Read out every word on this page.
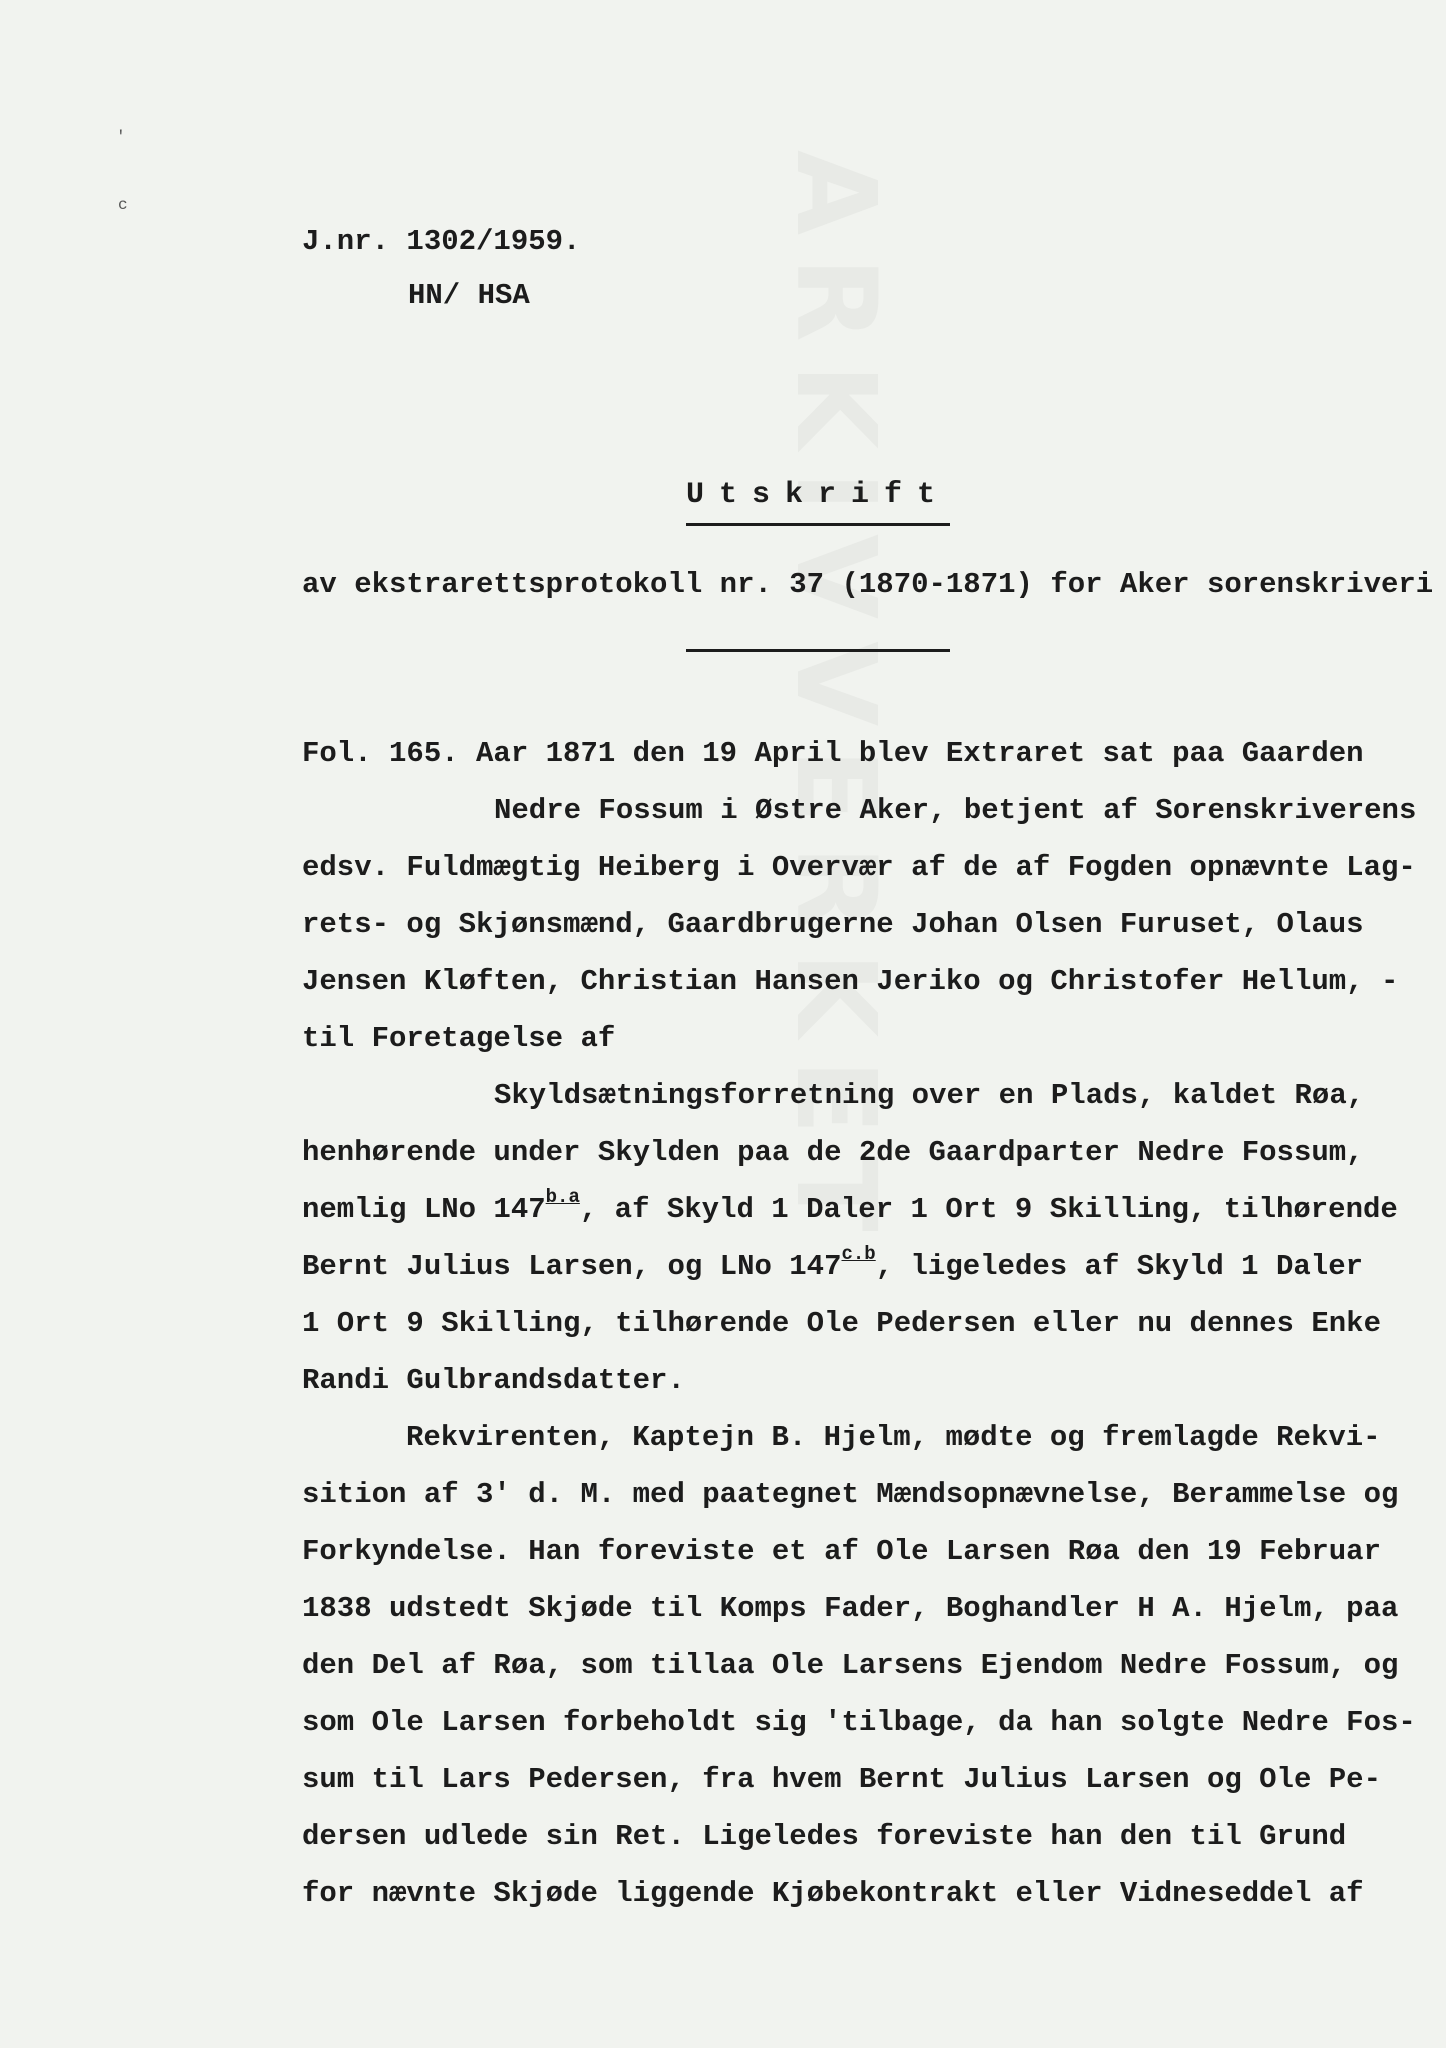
'
c
J.nr. 1302/1959.
HN/ HSA
Utskrift
av ekstrarettsprotokoll nr. 37 (1870-1871) for Aker sorenskriveri
Fol. 165. Aar 1871 den 19 April blev Extraret sat paa Gaarden
Nedre Fossum i Østre Aker, betjent af Sorenskriverens
edsv. Fuldmægtig Heiberg i Overvær af de af Fogden opnævnte Lag-
rets- og Skjønsmænd, Gaardbrugerne Johan Olsen Furuset, Olaus
Jensen Kløften, Christian Hansen Jeriko og Christofer Hellum, -
til Foretagelse af
Skyldsætningsforretning over en Plads, kaldet Røa,
henhørende under Skylden paa de 2de Gaardparter Nedre Fossum,
nemlig LNo $147^{b.a}$, af Skyld 1 Daler 1 Ort 9 Skilling, tilhørende
Bernt Julius Larsen, og LNo $147^{c.b}$, ligeledes af Skyld 1 Daler
1 Ort 9 Skilling, tilhørende Ole Pedersen eller nu dennes Enke
Randi Gulbrandsdatter.
Rekvirenten, Kaptejn B. Hjelm, mødte og fremlagde Rekvi-
sition af 3' d. M. med paategnet Mændsopnævnelse, Berammelse og
Forkyndelse. Han foreviste et af Ole Larsen Røa den 19 Februar
1838 udstedt Skjøde til Komps Fader, Boghandler H A. Hjelm, paa
den Del af Røa, som tillaa Ole Larsens Ejendom Nedre Fossum, og
som Ole Larsen forbeholdt sig 'tilbage, da han solgte Nedre Fos-
sum til Lars Pedersen, fra hvem Bernt Julius Larsen og Ole Pe-
dersen udlede sin Ret. Ligeledes foreviste han den til Grund
for nævnte Skjøde liggende Kjøbekontrakt eller Vidneseddel af
